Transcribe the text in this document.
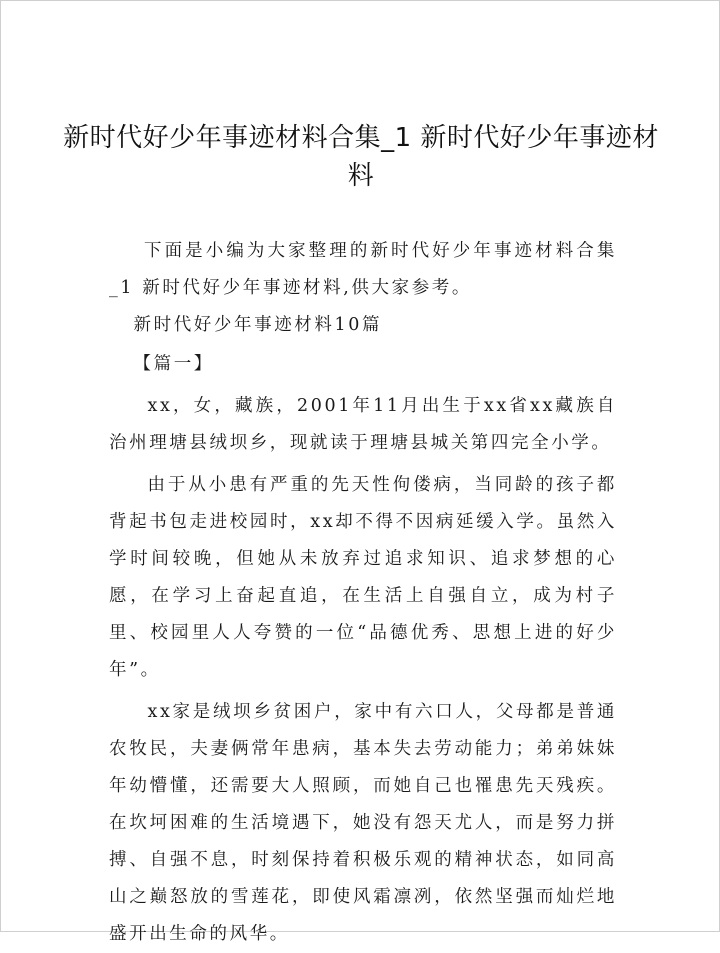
新时代好少年事迹材料合集_1 新时代好少年事迹材料

下面是小编为大家整理的新时代好少年事迹材料合集_1 新时代好少年事迹材料,供大家参考。

新时代好少年事迹材料10篇

【篇一】

xx，女，藏族，2001年11月出生于xx省xx藏族自治州理塘县绒坝乡，现就读于理塘县城关第四完全小学。

由于从小患有严重的先天性佝偻病，当同龄的孩子都背起书包走进校园时，xx却不得不因病延缓入学。虽然入学时间较晚，但她从未放弃过追求知识、追求梦想的心愿，在学习上奋起直追，在生活上自强自立，成为村子里、校园里人人夸赞的一位“品德优秀、思想上进的好少年”。

xx家是绒坝乡贫困户，家中有六口人，父母都是普通农牧民，夫妻俩常年患病，基本失去劳动能力；弟弟妹妹年幼懵懂，还需要大人照顾，而她自己也罹患先天残疾。在坎坷困难的生活境遇下，她没有怨天尤人，而是努力拼搏、自强不息，时刻保持着积极乐观的精神状态，如同高山之巅怒放的雪莲花，即使风霜凛冽，依然坚强而灿烂地盛开出生命的风华。
